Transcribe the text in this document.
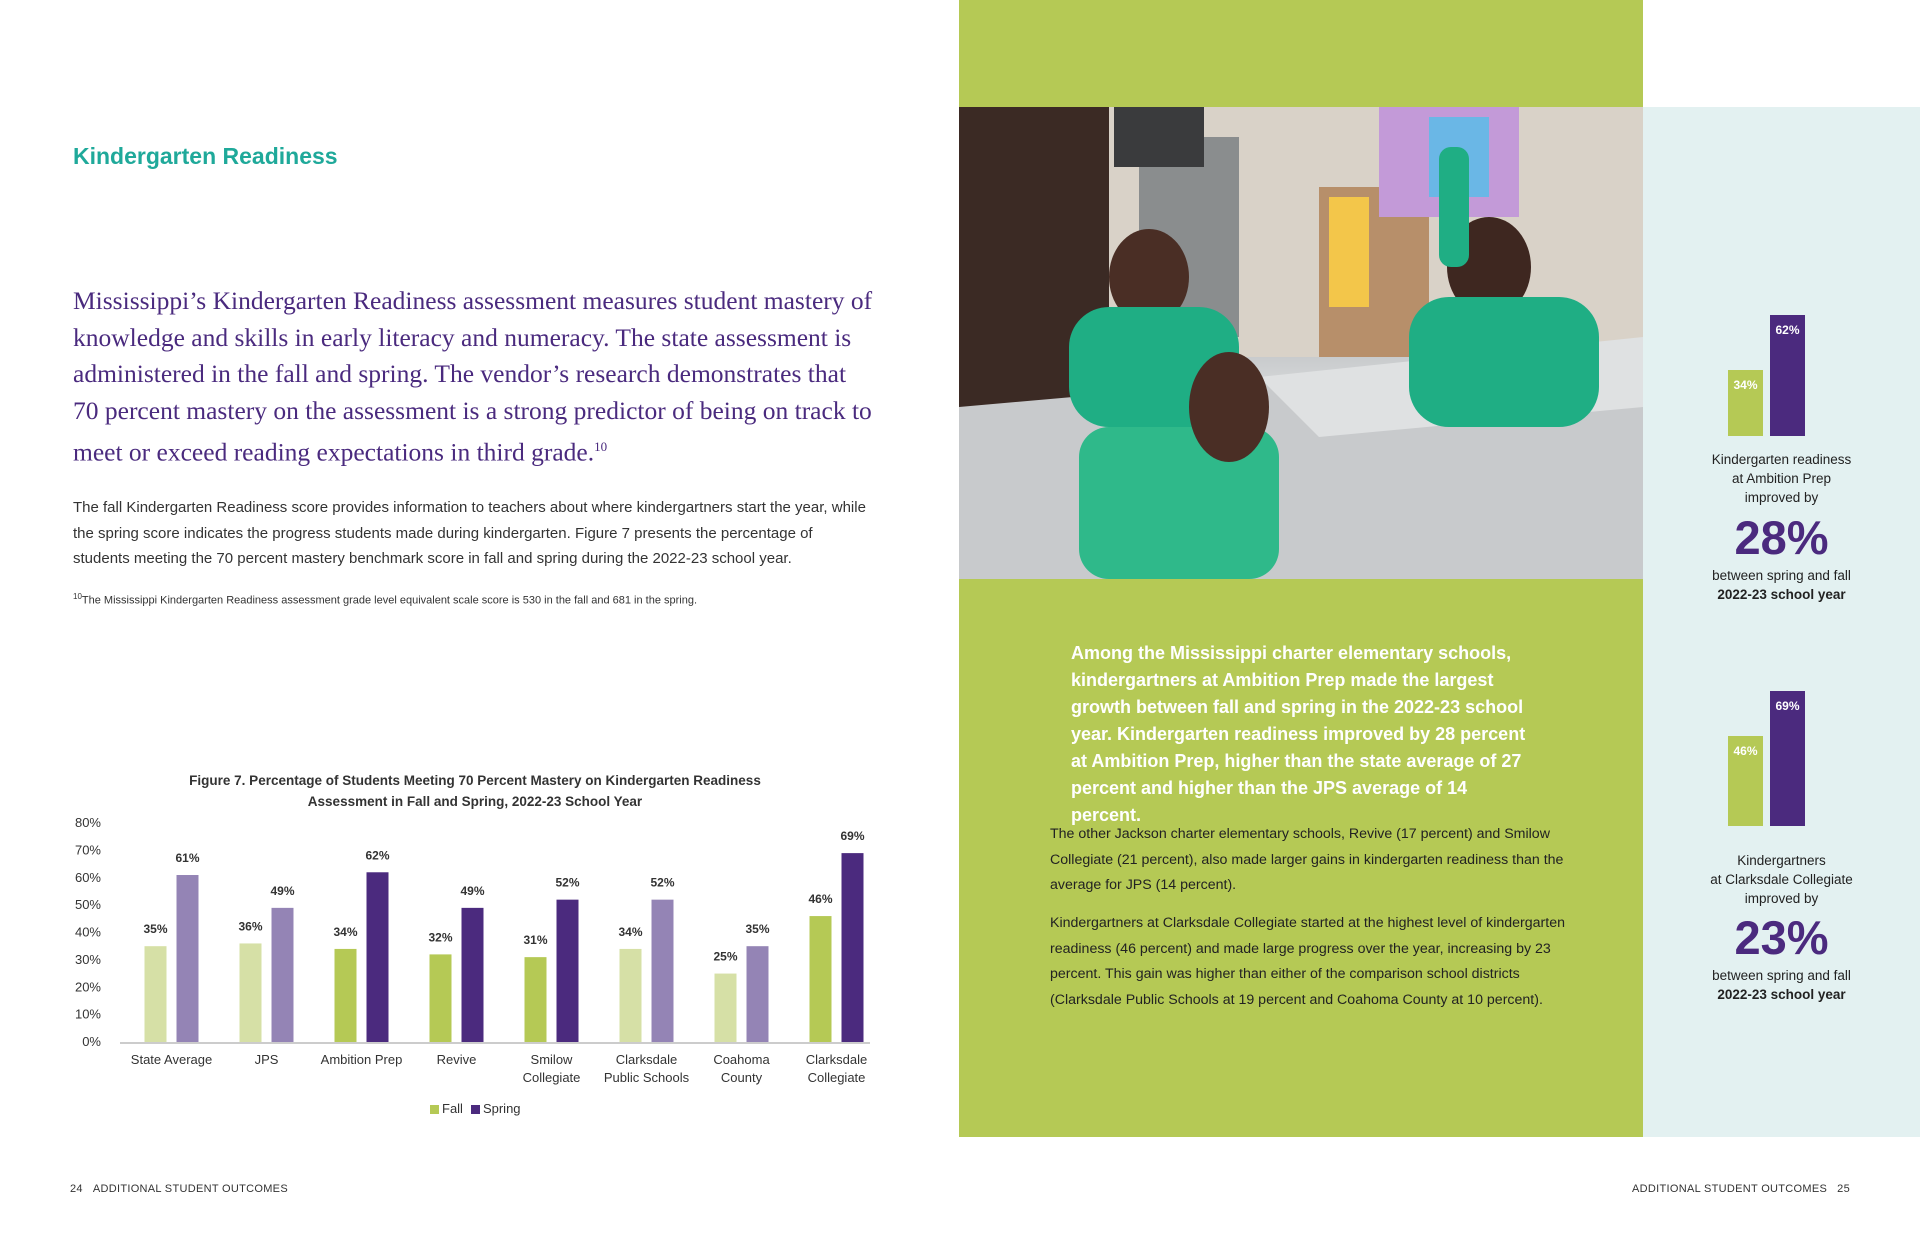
Kindergarten Readiness
Mississippi’s Kindergarten Readiness assessment measures student mastery of knowledge and skills in early literacy and numeracy. The state assessment is administered in the fall and spring. The vendor’s research demonstrates that 70 percent mastery on the assessment is a strong predictor of being on track to meet or exceed reading expectations in third grade.$^{10}$
The fall Kindergarten Readiness score provides information to teachers about where kindergartners start the year, while the spring score indicates the progress students made during kindergarten. Figure 7 presents the percentage of students meeting the 70 percent mastery benchmark score in fall and spring during the 2022-23 school year.
$^{10}$The Mississippi Kindergarten Readiness assessment grade level equivalent scale score is 530 in the fall and 681 in the spring.
Figure 7. Percentage of Students Meeting 70 Percent Mastery on Kindergarten Readiness Assessment in Fall and Spring, 2022-23 School Year
80%
70%
60%
50%
40%
30%
20%
10%
0%
35%
61%
State Average
36%
49%
JPS
34%
62%
Ambition Prep
32%
49%
Revive
31%
52%
Smilow
Collegiate
34%
52%
Clarksdale
Public Schools
25%
35%
Coahoma
County
46%
69%
Clarksdale
Collegiate
Fall	Spring
24 ADDITIONAL STUDENT OUTCOMES
Among the Mississippi charter elementary schools, kindergartners at Ambition Prep made the largest growth between fall and spring in the 2022-23 school year. Kindergarten readiness improved by 28 percent at Ambition Prep, higher than the state average of 27 percent and higher than the JPS average of 14 percent.
The other Jackson charter elementary schools, Revive (17 percent) and Smilow Collegiate (21 percent), also made larger gains in kindergarten readiness than the average for JPS (14 percent).
Kindergartners at Clarksdale Collegiate started at the highest level of kindergarten readiness (46 percent) and made large progress over the year, increasing by 23 percent. This gain was higher than either of the comparison school districts (Clarksdale Public Schools at 19 percent and Coahoma County at 10 percent).
34%
62%
Kindergarten readiness
at Ambition Prep
improved by
28%
between spring and fall
2022-23 school year
46%
69%
Kindergartners
at Clarksdale Collegiate
improved by
23%
between spring and fall
2022-23 school year
ADDITIONAL STUDENT OUTCOMES 25
